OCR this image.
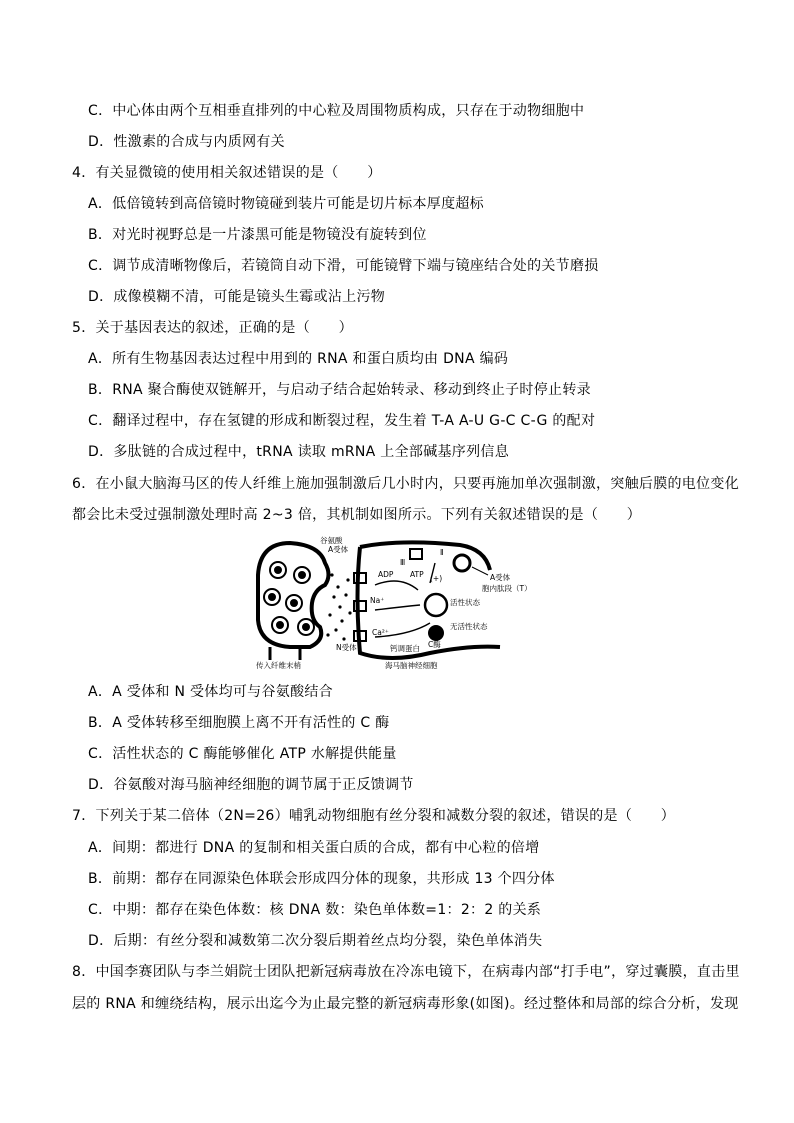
C．中心体由两个互相垂直排列的中心粒及周围物质构成，只存在于动物细胞中
D．性激素的合成与内质网有关
4．有关显微镜的使用相关叙述错误的是（　　）
A．低倍镜转到高倍镜时物镜碰到装片可能是切片标本厚度超标
B．对光时视野总是一片漆黑可能是物镜没有旋转到位
C．调节成清晰物像后，若镜筒自动下滑，可能镜臂下端与镜座结合处的关节磨损
D．成像模糊不清，可能是镜头生霉或沾上污物
5．关于基因表达的叙述，正确的是（　　）
A．所有生物基因表达过程中用到的 RNA 和蛋白质均由 DNA 编码
B．RNA 聚合酶使双链解开，与启动子结合起始转录、移动到终止子时停止转录
C．翻译过程中，存在氢键的形成和断裂过程，发生着 T-A A-U G-C C-G 的配对
D．多肽链的合成过程中，tRNA 读取 mRNA 上全部碱基序列信息
6．在小鼠大脑海马区的传人纤维上施加强制激后几小时内，只要再施加单次强制激，突触后膜的电位变化
都会比未受过强制激处理时高 2~3 倍，其机制如图所示。下列有关叙述错误的是（　　）
谷氨酸
A受体
Ⅲ
Ⅱ
ADP ATP (+)
Na⁺	活性状态
A受体
胞内肽段（T）
无活性状态
C酶
Ca²⁺
N受体	钙调蛋白
传入纤维末梢	海马脑神经细胞
A．A 受体和 N 受体均可与谷氨酸结合
B．A 受体转移至细胞膜上离不开有活性的 C 酶
C．活性状态的 C 酶能够催化 ATP 水解提供能量
D．谷氨酸对海马脑神经细胞的调节属于正反馈调节
7．下列关于某二倍体（2N=26）哺乳动物细胞有丝分裂和减数分裂的叙述，错误的是（　　）
A．间期：都进行 DNA 的复制和相关蛋白质的合成，都有中心粒的倍增
B．前期：都存在同源染色体联会形成四分体的现象，共形成 13 个四分体
C．中期：都存在染色体数：核 DNA 数：染色单体数=1：2：2 的关系
D．后期：有丝分裂和减数第二次分裂后期着丝点均分裂，染色单体消失
8．中国李赛团队与李兰娟院士团队把新冠病毒放在冷冻电镜下，在病毒内部“打手电”，穿过囊膜，直击里
层的 RNA 和缠绕结构，展示出迄今为止最完整的新冠病毒形象(如图)。经过整体和局部的综合分析，发现
